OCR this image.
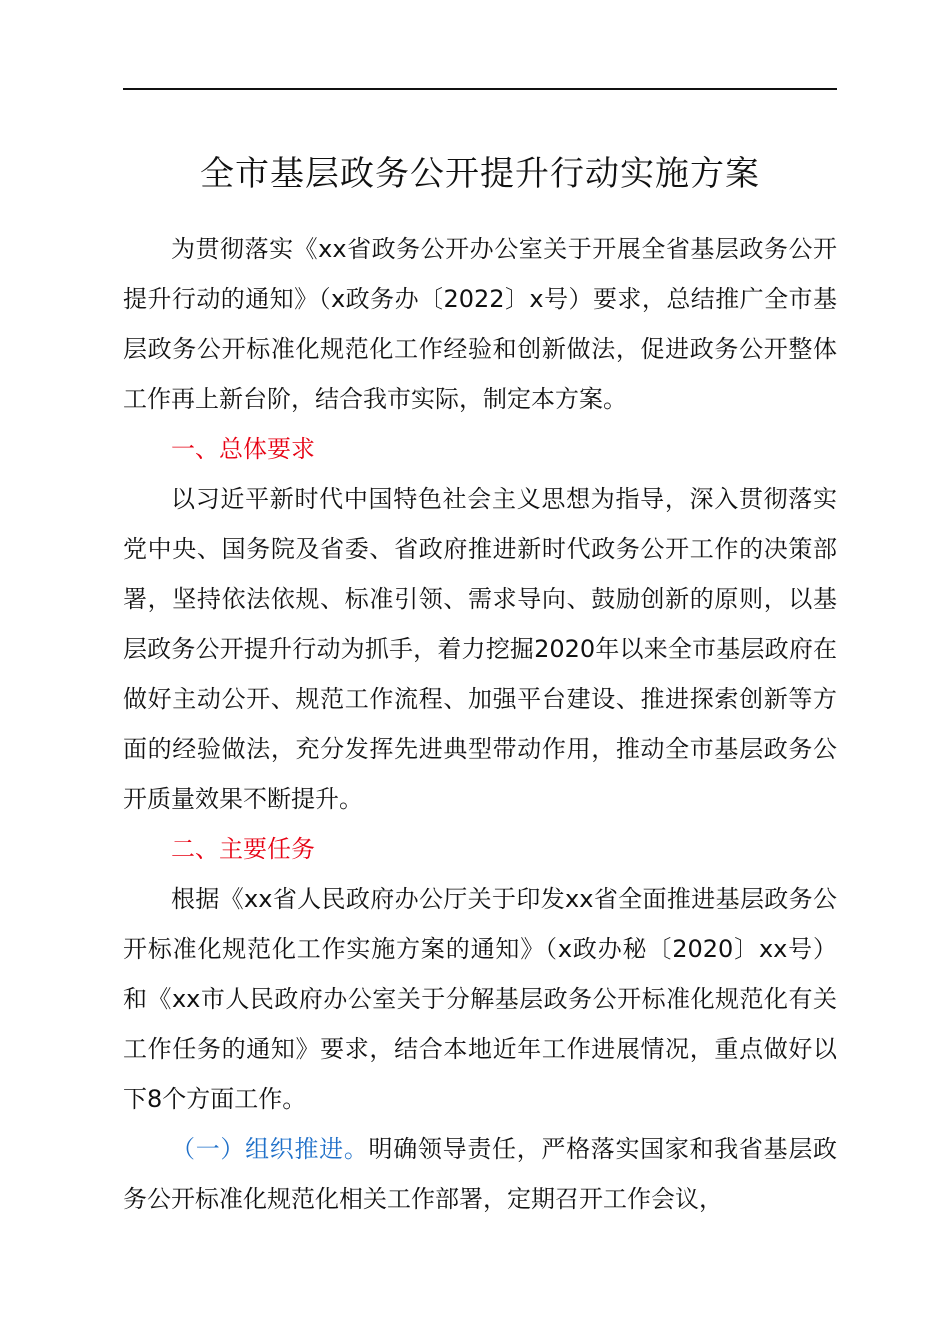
全市基层政务公开提升行动实施方案

为贯彻落实《xx省政务公开办公室关于开展全省基层政务公开提升行动的通知》（x政务办〔2022〕x号）要求，总结推广全市基层政务公开标准化规范化工作经验和创新做法，促进政务公开整体工作再上新台阶，结合我市实际，制定本方案。

一、总体要求

以习近平新时代中国特色社会主义思想为指导，深入贯彻落实党中央、国务院及省委、省政府推进新时代政务公开工作的决策部署，坚持依法依规、标准引领、需求导向、鼓励创新的原则，以基层政务公开提升行动为抓手，着力挖掘2020年以来全市基层政府在做好主动公开、规范工作流程、加强平台建设、推进探索创新等方面的经验做法，充分发挥先进典型带动作用，推动全市基层政务公开质量效果不断提升。

二、主要任务

根据《xx省人民政府办公厅关于印发xx省全面推进基层政务公开标准化规范化工作实施方案的通知》（x政办秘〔2020〕xx号）和《xx市人民政府办公室关于分解基层政务公开标准化规范化有关工作任务的通知》要求，结合本地近年工作进展情况，重点做好以下8个方面工作。

（一）组织推进。明确领导责任，严格落实国家和我省基层政务公开标准化规范化相关工作部署，定期召开工作会议，
